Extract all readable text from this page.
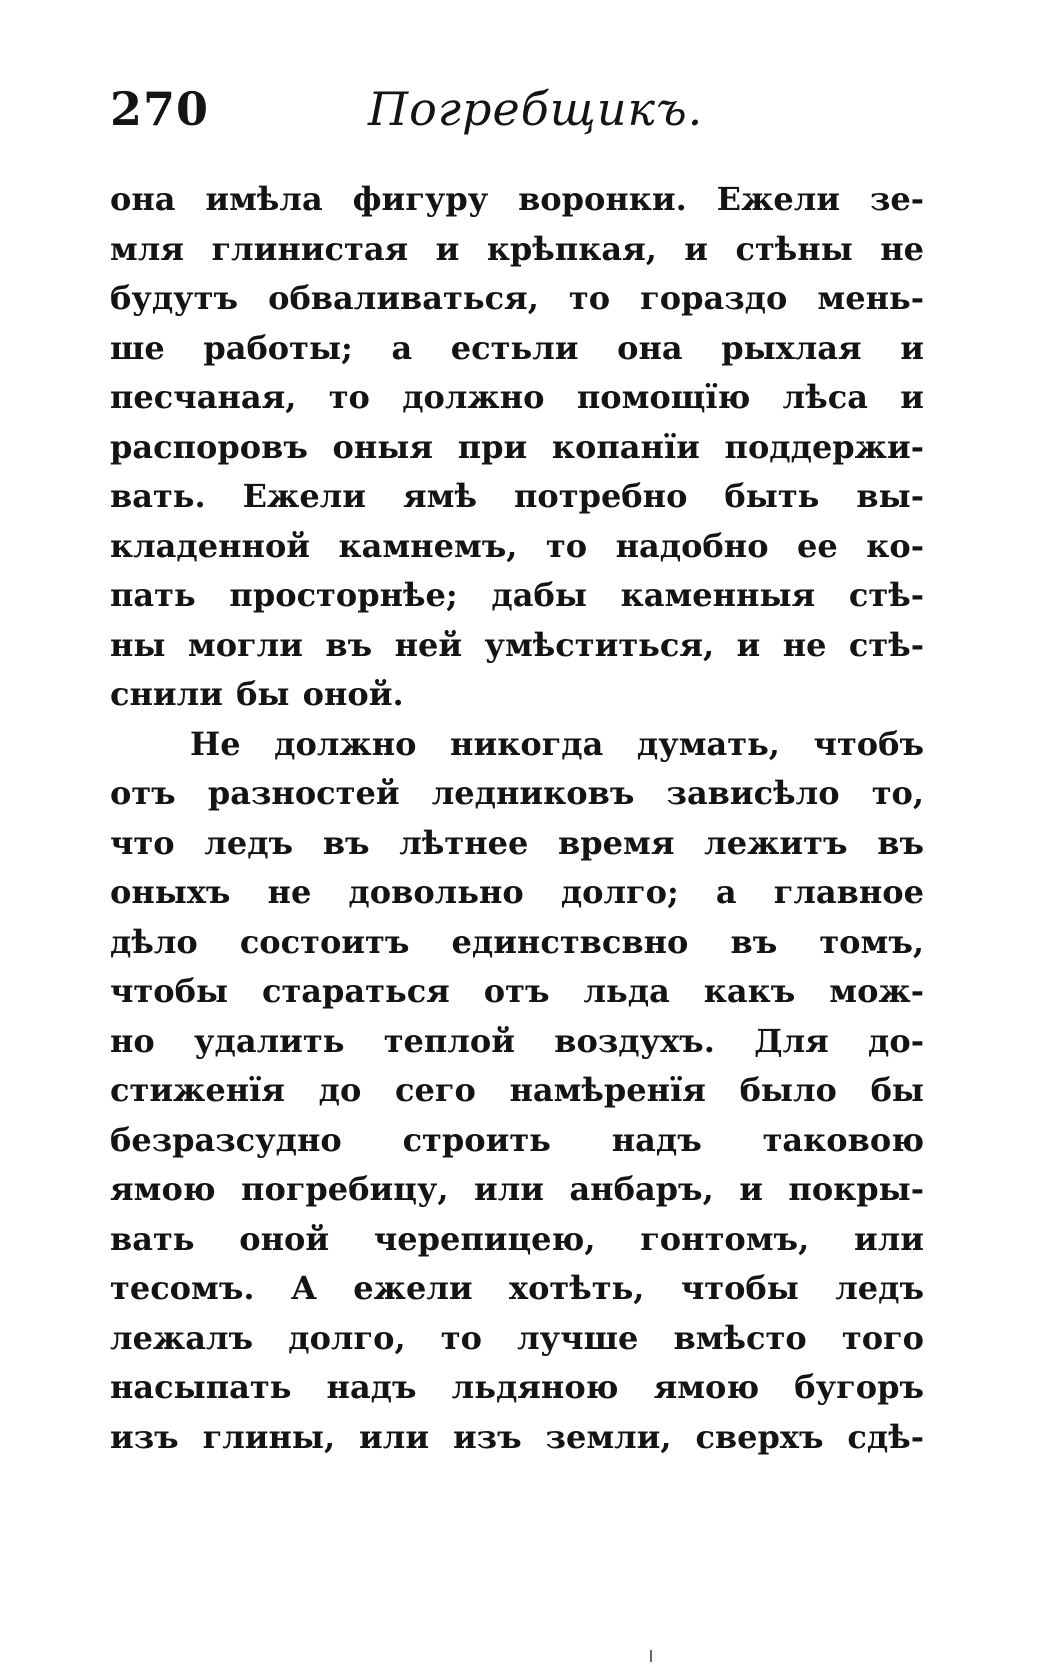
270	Погребщикъ.
она имѣла фигуру воронки. Ежели зе-
мля глинистая и крѣпкая, и стѣны не
будутъ обваливаться, то гораздо мень-
ше работы; а естьли она рыхлая и
песчаная, то должно помощїю лѣса и
распоровъ оныя при копанїи поддержи-
вать. Ежели ямѣ потребно быть вы-
кладенной камнемъ, то надобно ее ко-
пать просторнѣе; дабы каменныя стѣ-
ны могли въ ней умѣститься, и не стѣ-
снили бы оной.
Не должно никогда думать, чтобъ
отъ разностей ледниковъ зависѣло то,
что ледъ въ лѣтнее время лежитъ въ
оныхъ не довольно долго; а главное
дѣло состоитъ единствсвно въ томъ,
чтобы стараться отъ льда какъ мож-
но удалить теплой воздухъ. Для до-
стиженїя до сего намѣренїя было бы
безразсудно строить надъ таковою
ямою погребицу, или анбаръ, и покры-
вать оной черепицею, гонтомъ, или
тесомъ. А ежели хотѣть, чтобы ледъ
лежалъ долго, то лучше вмѣсто того
насыпать надъ льдяною ямою бугоръ
изъ глины, или изъ земли, сверхъ сдѣ-
